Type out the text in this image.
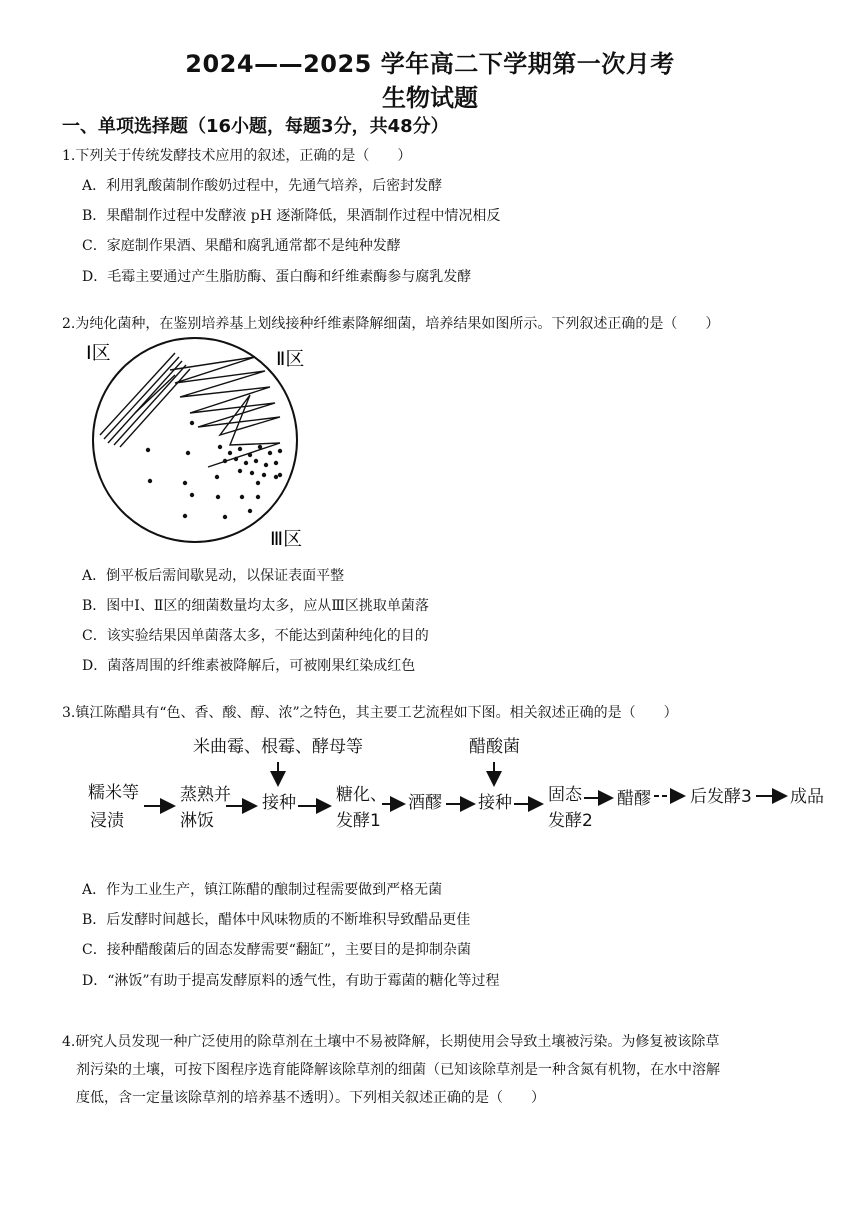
2024——2025 学年高二下学期第一次月考
生物试题
一、单项选择题（16小题，每题3分，共48分）
1.下列关于传统发酵技术应用的叙述，正确的是（　　）
A．利用乳酸菌制作酸奶过程中，先通气培养，后密封发酵
B．果醋制作过程中发酵液 pH 逐渐降低，果酒制作过程中情况相反
C．家庭制作果酒、果醋和腐乳通常都不是纯种发酵
D．毛霉主要通过产生脂肪酶、蛋白酶和纤维素酶参与腐乳发酵
2.为纯化菌种，在鉴别培养基上划线接种纤维素降解细菌，培养结果如图所示。下列叙述正确的是（　　）
Ⅰ区	Ⅱ区
Ⅲ区
A．倒平板后需间歇晃动，以保证表面平整
B．图中Ⅰ、Ⅱ区的细菌数量均太多，应从Ⅲ区挑取单菌落
C．该实验结果因单菌落太多，不能达到菌种纯化的目的
D．菌落周围的纤维素被降解后，可被刚果红染成红色
3.镇江陈醋具有“色、香、酸、醇、浓”之特色，其主要工艺流程如下图。相关叙述正确的是（　　）
米曲霉、根霉、酵母等	醋酸菌
糯米等
浸渍
蒸熟并
淋饭
接种 糖化、
发酵1
酒醪 接种 固态
发酵2
醋醪 后发酵3 成品
A．作为工业生产，镇江陈醋的酿制过程需要做到严格无菌
B．后发酵时间越长，醋体中风味物质的不断堆积导致醋品更佳
C．接种醋酸菌后的固态发酵需要“翻缸”，主要目的是抑制杂菌
D．“淋饭”有助于提高发酵原料的透气性，有助于霉菌的糖化等过程
4.研究人员发现一种广泛使用的除草剂在土壤中不易被降解，长期使用会导致土壤被污染。为修复被该除草
剂污染的土壤，可按下图程序选育能降解该除草剂的细菌（已知该除草剂是一种含氮有机物，在水中溶解
度低，含一定量该除草剂的培养基不透明）。下列相关叙述正确的是（　　）
